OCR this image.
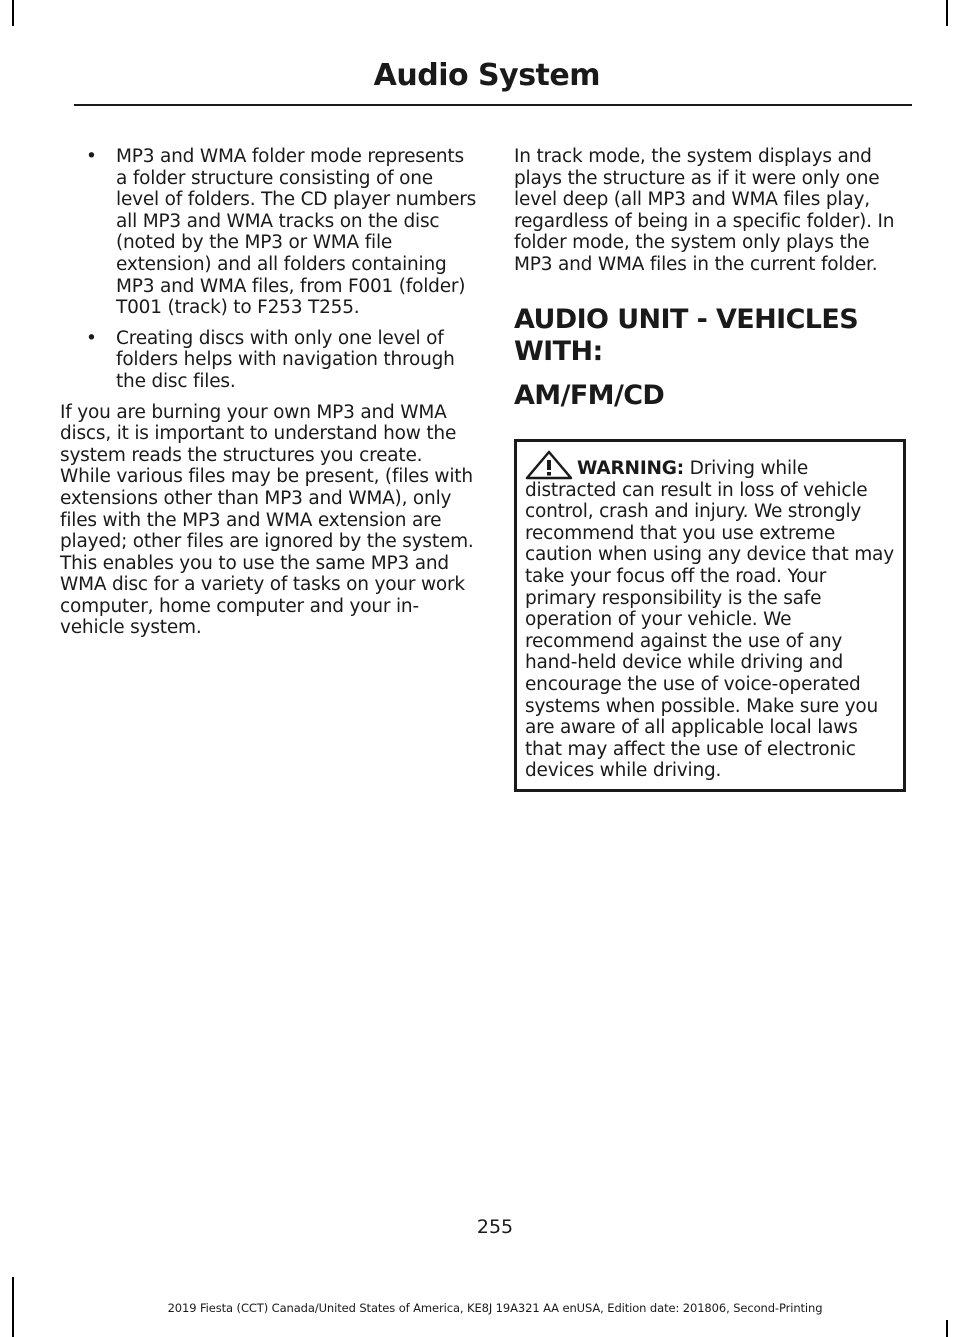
Audio System
• MP3 and WMA folder mode represents a folder structure consisting of one level of folders. The CD player numbers all MP3 and WMA tracks on the disc (noted by the MP3 or WMA file extension) and all folders containing MP3 and WMA files, from F001 (folder) T001 (track) to F253 T255.
• Creating discs with only one level of folders helps with navigation through the disc files.

If you are burning your own MP3 and WMA discs, it is important to understand how the system reads the structures you create. While various files may be present, (files with extensions other than MP3 and WMA), only files with the MP3 and WMA extension are played; other files are ignored by the system. This enables you to use the same MP3 and WMA disc for a variety of tasks on your work computer, home computer and your in-vehicle system.

In track mode, the system displays and plays the structure as if it were only one level deep (all MP3 and WMA files play, regardless of being in a specific folder). In folder mode, the system only plays the MP3 and WMA files in the current folder.

AUDIO UNIT - VEHICLES WITH:
AM/FM/CD
WARNING: Driving while distracted can result in loss of vehicle control, crash and injury. We strongly recommend that you use extreme caution when using any device that may take your focus off the road. Your primary responsibility is the safe operation of your vehicle. We recommend against the use of any hand-held device while driving and encourage the use of voice-operated systems when possible. Make sure you are aware of all applicable local laws that may affect the use of electronic devices while driving.
255
2019 Fiesta (CCT) Canada/United States of America, KE8J 19A321 AA enUSA, Edition date: 201806, Second-Printing
